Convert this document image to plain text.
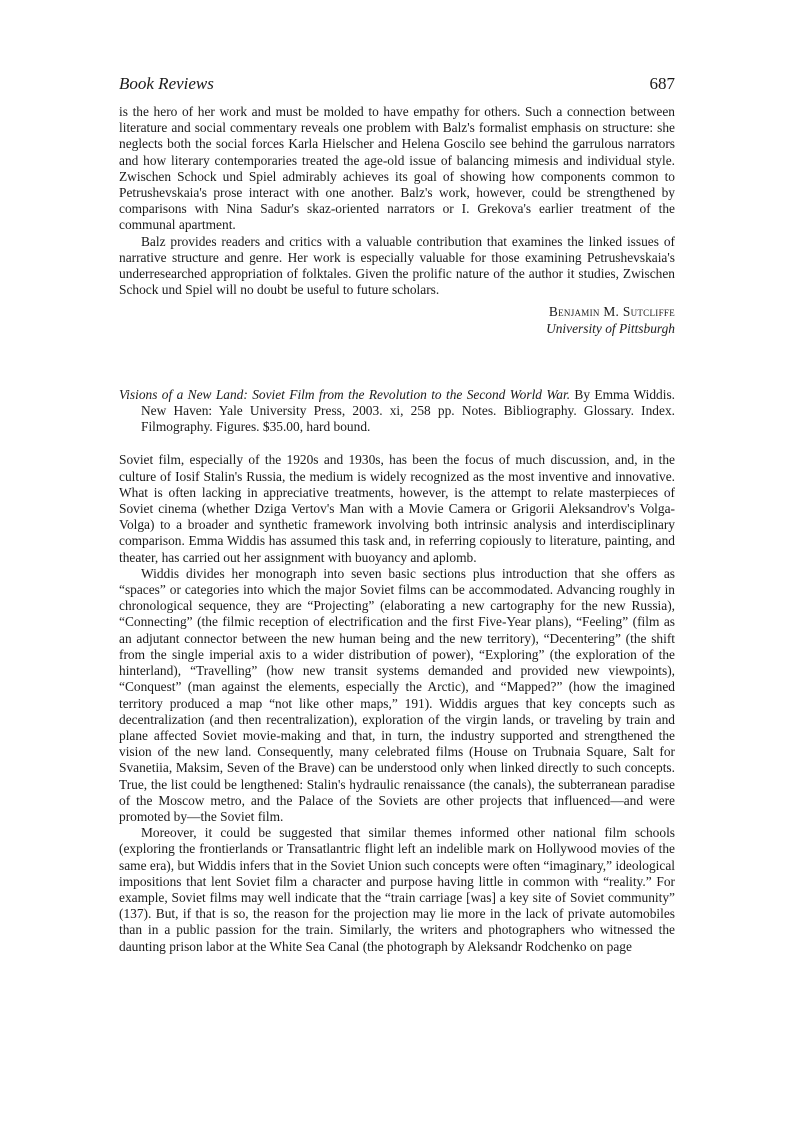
Book Reviews	687

is the hero of her work and must be molded to have empathy for others. Such a connection between literature and social commentary reveals one problem with Balz's formalist emphasis on structure: she neglects both the social forces Karla Hielscher and Helena Goscilo see behind the garrulous narrators and how literary contemporaries treated the age-old issue of balancing mimesis and individual style. Zwischen Schock und Spiel admirably achieves its goal of showing how components common to Petrushevskaia's prose interact with one another. Balz's work, however, could be strengthened by comparisons with Nina Sadur's skaz-oriented narrators or I. Grekova's earlier treatment of the communal apartment.

Balz provides readers and critics with a valuable contribution that examines the linked issues of narrative structure and genre. Her work is especially valuable for those examining Petrushevskaia's underresearched appropriation of folktales. Given the prolific nature of the author it studies, Zwischen Schock und Spiel will no doubt be useful to future scholars.

Benjamin M. Sutcliffe
University of Pittsburgh

Visions of a New Land: Soviet Film from the Revolution to the Second World War. By Emma Widdis. New Haven: Yale University Press, 2003. xi, 258 pp. Notes. Bibliography. Glossary. Index. Filmography. Figures. $35.00, hard bound.

Soviet film, especially of the 1920s and 1930s, has been the focus of much discussion, and, in the culture of Iosif Stalin's Russia, the medium is widely recognized as the most inventive and innovative. What is often lacking in appreciative treatments, however, is the attempt to relate masterpieces of Soviet cinema (whether Dziga Vertov's Man with a Movie Camera or Grigorii Aleksandrov's Volga-Volga) to a broader and synthetic framework involving both intrinsic analysis and interdisciplinary comparison. Emma Widdis has assumed this task and, in referring copiously to literature, painting, and theater, has carried out her assignment with buoyancy and aplomb.

Widdis divides her monograph into seven basic sections plus introduction that she offers as “spaces” or categories into which the major Soviet films can be accommodated. Advancing roughly in chronological sequence, they are “Projecting” (elaborating a new cartography for the new Russia), “Connecting” (the filmic reception of electrification and the first Five-Year plans), “Feeling” (film as an adjutant connector between the new human being and the new territory), “Decentering” (the shift from the single imperial axis to a wider distribution of power), “Exploring” (the exploration of the hinterland), “Travelling” (how new transit systems demanded and provided new viewpoints), “Conquest” (man against the elements, especially the Arctic), and “Mapped?” (how the imagined territory produced a map “not like other maps,” 191). Widdis argues that key concepts such as decentralization (and then recentralization), exploration of the virgin lands, or traveling by train and plane affected Soviet movie-making and that, in turn, the industry supported and strengthened the vision of the new land. Consequently, many celebrated films (House on Trubnaia Square, Salt for Svanetiia, Maksim, Seven of the Brave) can be understood only when linked directly to such concepts. True, the list could be lengthened: Stalin's hydraulic renaissance (the canals), the subterranean paradise of the Moscow metro, and the Palace of the Soviets are other projects that influenced—and were promoted by—the Soviet film.

Moreover, it could be suggested that similar themes informed other national film schools (exploring the frontierlands or Transatlantric flight left an indelible mark on Hollywood movies of the same era), but Widdis infers that in the Soviet Union such concepts were often “imaginary,” ideological impositions that lent Soviet film a character and purpose having little in common with “reality.” For example, Soviet films may well indicate that the “train carriage [was] a key site of Soviet community” (137). But, if that is so, the reason for the projection may lie more in the lack of private automobiles than in a public passion for the train. Similarly, the writers and photographers who witnessed the daunting prison labor at the White Sea Canal (the photograph by Aleksandr Rodchenko on page
